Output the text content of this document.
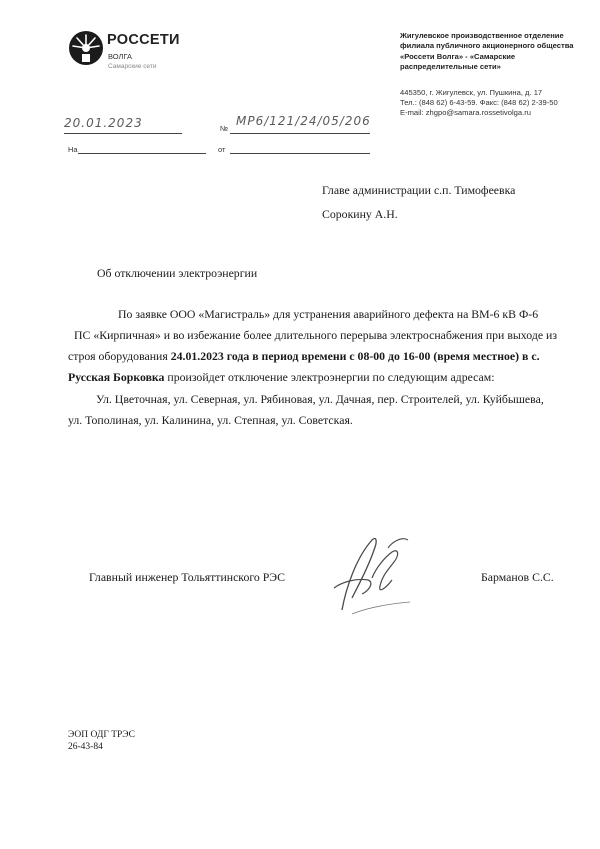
РОССЕТИ
ВОЛГА
Самарские сети
Жигулевское производственное отделение
филиала публичного акционерного общества
«Россети Волга» - «Самарские
распределительные сети»
445350, г. Жигулевск, ул. Пушкина, д. 17
Тел.: (848 62) 6-43-59. Факс: (848 62) 2-39-50
E-mail: zhgpo@samara.rossetivolga.ru
20.01.2023	№
МР6/121/24/05/206
На	от
Главе администрации с.п. Тимофеевка
Сорокину А.Н.
Об отключении электроэнергии
По заявке ООО «Магистраль» для устранения аварийного дефекта на ВМ-6 кВ Ф-6
ПС «Кирпичная» и во избежание более длительного перерыва электроснабжения при выходе из
строя оборудования 24.01.2023 года в период времени с 08-00 до 16-00 (время местное) в с.
Русская Борковка произойдет отключение электроэнергии по следующим адресам:
Ул. Цветочная, ул. Северная, ул. Рябиновая, ул. Дачная, пер. Строителей, ул. Куйбышева,
ул. Тополиная, ул. Калинина, ул. Степная, ул. Советская.
Главный инженер Тольяттинского РЭС	Барманов С.С.
ЭОП ОДГ ТРЭС
26-43-84
